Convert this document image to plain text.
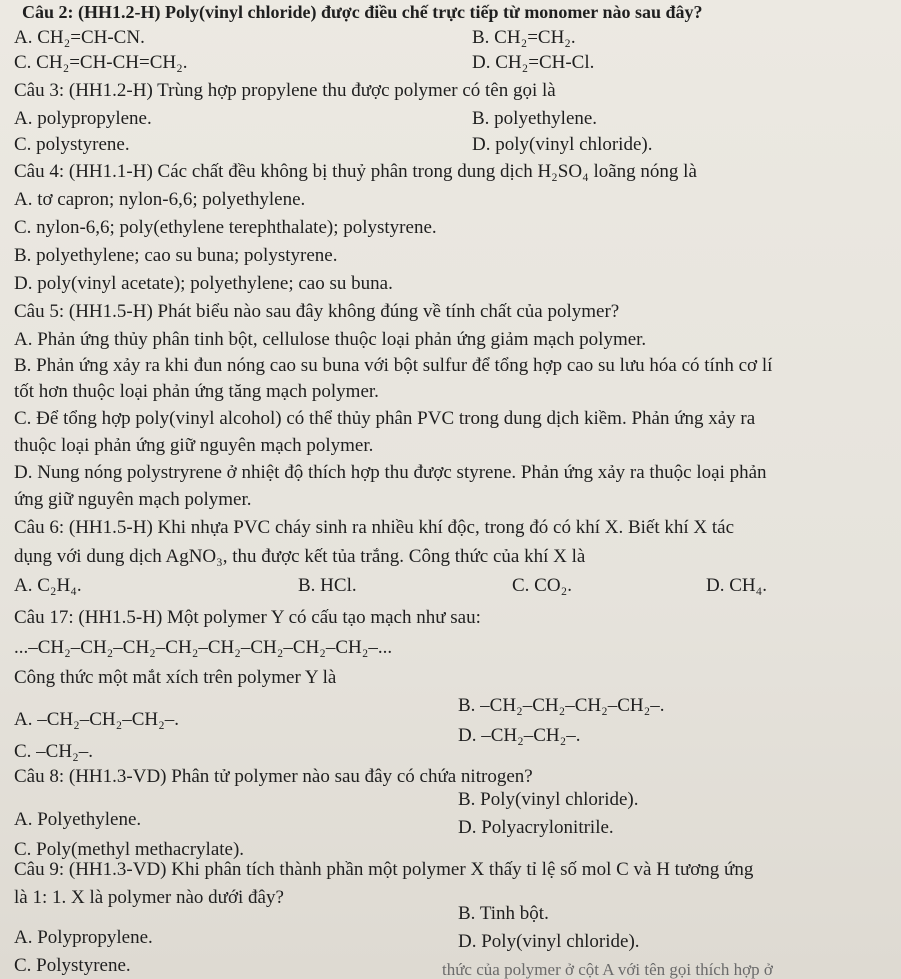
Câu 2: (HH1.2-H) Poly(vinyl chloride) được điều chế trực tiếp từ monomer nào sau đây?
A. CH₂=CH-CN.	B. CH₂=CH₂.
C. CH₂=CH-CH=CH₂.	D. CH₂=CH-Cl.
Câu 3: (HH1.2-H) Trùng hợp propylene thu được polymer có tên gọi là
A. polypropylene.	B. polyethylene.
C. polystyrene.	D. poly(vinyl chloride).
Câu 4: (HH1.1-H) Các chất đều không bị thuỷ phân trong dung dịch H₂SO₄ loãng nóng là
A. tơ capron; nylon-6,6; polyethylene.
C. nylon-6,6; poly(ethylene terephthalate); polystyrene.
B. polyethylene; cao su buna; polystyrene.
D. poly(vinyl acetate); polyethylene; cao su buna.
Câu 5: (HH1.5-H) Phát biểu nào sau đây không đúng về tính chất của polymer?
A. Phản ứng thủy phân tinh bột, cellulose thuộc loại phản ứng giảm mạch polymer.
B. Phản ứng xảy ra khi đun nóng cao su buna với bột sulfur để tổng hợp cao su lưu hóa có tính cơ lí
tốt hơn thuộc loại phản ứng tăng mạch polymer.
C. Để tổng hợp poly(vinyl alcohol) có thể thủy phân PVC trong dung dịch kiềm. Phản ứng xảy ra
thuộc loại phản ứng giữ nguyên mạch polymer.
D. Nung nóng polystryrene ở nhiệt độ thích hợp thu được styrene. Phản ứng xảy ra thuộc loại phản
ứng giữ nguyên mạch polymer.
Câu 6: (HH1.5-H) Khi nhựa PVC cháy sinh ra nhiều khí độc, trong đó có khí X. Biết khí X tác
dụng với dung dịch AgNO₃, thu được kết tủa trắng. Công thức của khí X là
A. C₂H₄.	B. HCl.	C. CO₂.	D. CH₄.
Câu 17: (HH1.5-H) Một polymer Y có cấu tạo mạch như sau:
...–CH₂–CH₂–CH₂–CH₂–CH₂–CH₂–CH₂–CH₂–...
Công thức một mắt xích trên polymer Y là
B. –CH₂–CH₂–CH₂–CH₂–.
A. –CH₂–CH₂–CH₂–.
D. –CH₂–CH₂–.
C. –CH₂–.
Câu 8: (HH1.3-VD) Phân tử polymer nào sau đây có chứa nitrogen?
B. Poly(vinyl chloride).
A. Polyethylene.	D. Polyacrylonitrile.
C. Poly(methyl methacrylate).
Câu 9: (HH1.3-VD) Khi phân tích thành phần một polymer X thấy tỉ lệ số mol C và H tương ứng
là 1: 1. X là polymer nào dưới đây?
B. Tinh bột.
A. Polypropylene.	D. Poly(vinyl chloride).
C. Polystyrene.	thức của polymer ở cột A với tên gọi thích hợp ở
